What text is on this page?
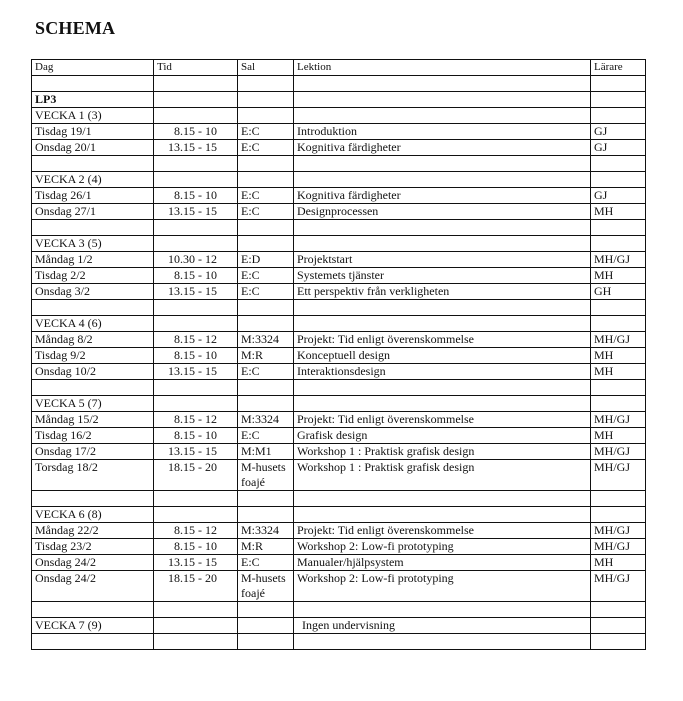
SCHEMA
Dag	Tid	Sal	Lektion	Lärare

LP3				
VECKA 1 (3)				
Tisdag 19/1	8.15 - 10	E:C	Introduktion	GJ
Onsdag 20/1	13.15 - 15	E:C	Kognitiva färdigheter	GJ

VECKA 2 (4)				
Tisdag 26/1	8.15 - 10	E:C	Kognitiva färdigheter	GJ
Onsdag 27/1	13.15 - 15	E:C	Designprocessen	MH

VECKA 3 (5)				
Måndag 1/2	10.30 - 12	E:D	Projektstart	MH/GJ
Tisdag 2/2	8.15 - 10	E:C	Systemets tjänster	MH
Onsdag 3/2	13.15 - 15	E:C	Ett perspektiv från verkligheten	GH

VECKA 4 (6)				
Måndag 8/2	8.15 - 12	M:3324	Projekt: Tid enligt överenskommelse	MH/GJ
Tisdag 9/2	8.15 - 10	M:R	Konceptuell design	MH
Onsdag 10/2	13.15 - 15	E:C	Interaktionsdesign	MH

VECKA 5 (7)				
Måndag 15/2	8.15 - 12	M:3324	Projekt: Tid enligt överenskommelse	MH/GJ
Tisdag 16/2	8.15 - 10	E:C	Grafisk design	MH
Onsdag 17/2	13.15 - 15	M:M1	Workshop 1 : Praktisk grafisk design	MH/GJ
Torsdag 18/2	18.15 - 20	M-husets foajé	Workshop 1 : Praktisk grafisk design	MH/GJ

VECKA 6 (8)				
Måndag 22/2	8.15 - 12	M:3324	Projekt: Tid enligt överenskommelse	MH/GJ
Tisdag 23/2	8.15 - 10	M:R	Workshop 2: Low-fi prototyping	MH/GJ
Onsdag 24/2	13.15 - 15	E:C	Manualer/hjälpsystem	MH
Onsdag 24/2	18.15 - 20	M-husets foajé	Workshop 2: Low-fi prototyping	MH/GJ

VECKA 7 (9)			Ingen undervisning	
